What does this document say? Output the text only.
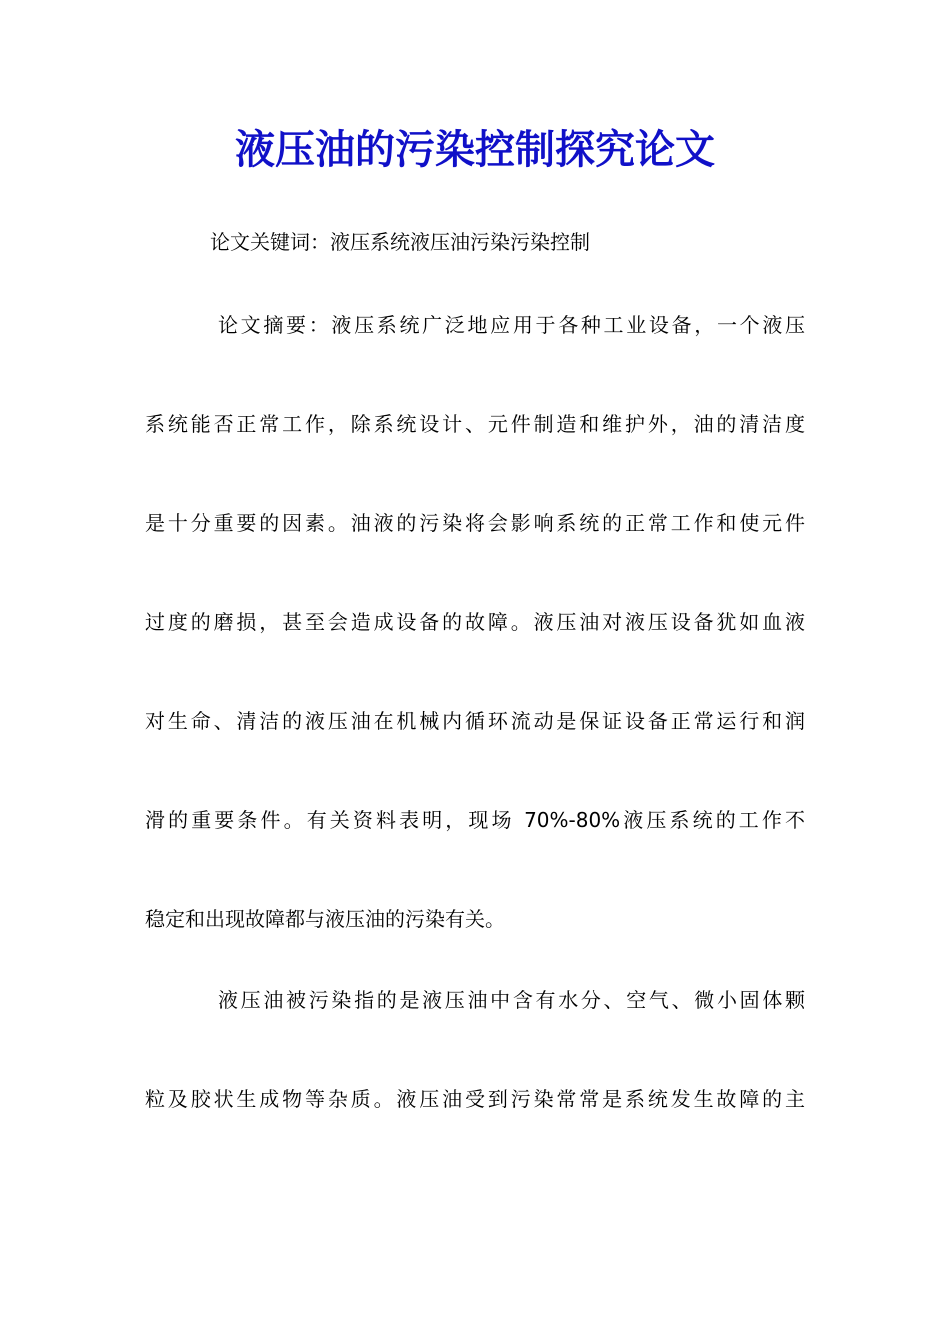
液压油的污染控制探究论文

论文关键词：液压系统液压油污染污染控制

论文摘要：液压系统广泛地应用于各种工业设备，一个液压

系统能否正常工作，除系统设计、元件制造和维护外，油的清洁度

是十分重要的因素。油液的污染将会影响系统的正常工作和使元件

过度的磨损，甚至会造成设备的故障。液压油对液压设备犹如血液

对生命、清洁的液压油在机械内循环流动是保证设备正常运行和润

滑的重要条件。有关资料表明，现场 70%-80%液压系统的工作不

稳定和出现故障都与液压油的污染有关。

液压油被污染指的是液压油中含有水分、空气、微小固体颗

粒及胶状生成物等杂质。液压油受到污染常常是系统发生故障的主
